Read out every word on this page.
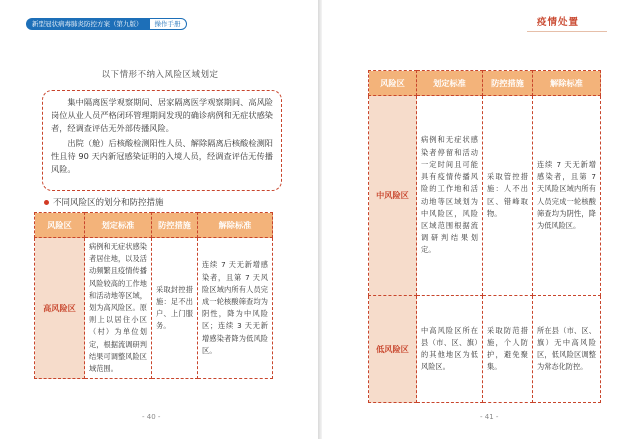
新型冠状病毒肺炎防控方案（第九版）	操作手册
以下情形不纳入风险区域划定

集中隔离医学观察期间、居家隔离医学观察期间、高风险岗位从业人员严格闭环管理期间发现的确诊病例和无症状感染者，经调查评估无外部传播风险。

出院（舱）后核酸检测阳性人员、解除隔离后核酸检测阳性且待 90 天内新冠感染证明的入境人员，经调查评估无传播风险。

不同风险区的划分和防控措施
风险区	划定标准	防控措施	解除标准
高风险区	病例和无症状感染者居住地，以及活动频繁且疫情传播风险较高的工作地和活动地等区域，划为高风险区。原则上以居住小区（村）为单位划定，根据流调研判结果可调整风险区域范围。	采取封控措施：足不出户、上门服务。	连续 7 天无新增感染者，且第 7 天风险区域内所有人员完成一轮核酸筛查均为阴性，降为中风险区；连续 3 天无新增感染者降为低风险区。
- 40 -
疫情处置
风险区	划定标准	防控措施	解除标准
中风险区	病例和无症状感染者停留和活动一定时间且可能具有疫情传播风险的工作地和活动地等区域划为中风险区，风险区域范围根据流调研判结果划定。	采取管控措施：人不出区、错峰取物。	连续 7 天无新增感染者，且第 7 天风险区域内所有人员完成一轮核酸筛查均为阴性，降为低风险区。
低风险区	中高风险区所在县（市、区、旗）的其他地区为低风险区。	采取防范措施，个人防护，避免聚集。	所在县（市、区、旗）无中高风险区，低风险区调整为常态化防控。
- 41 -
